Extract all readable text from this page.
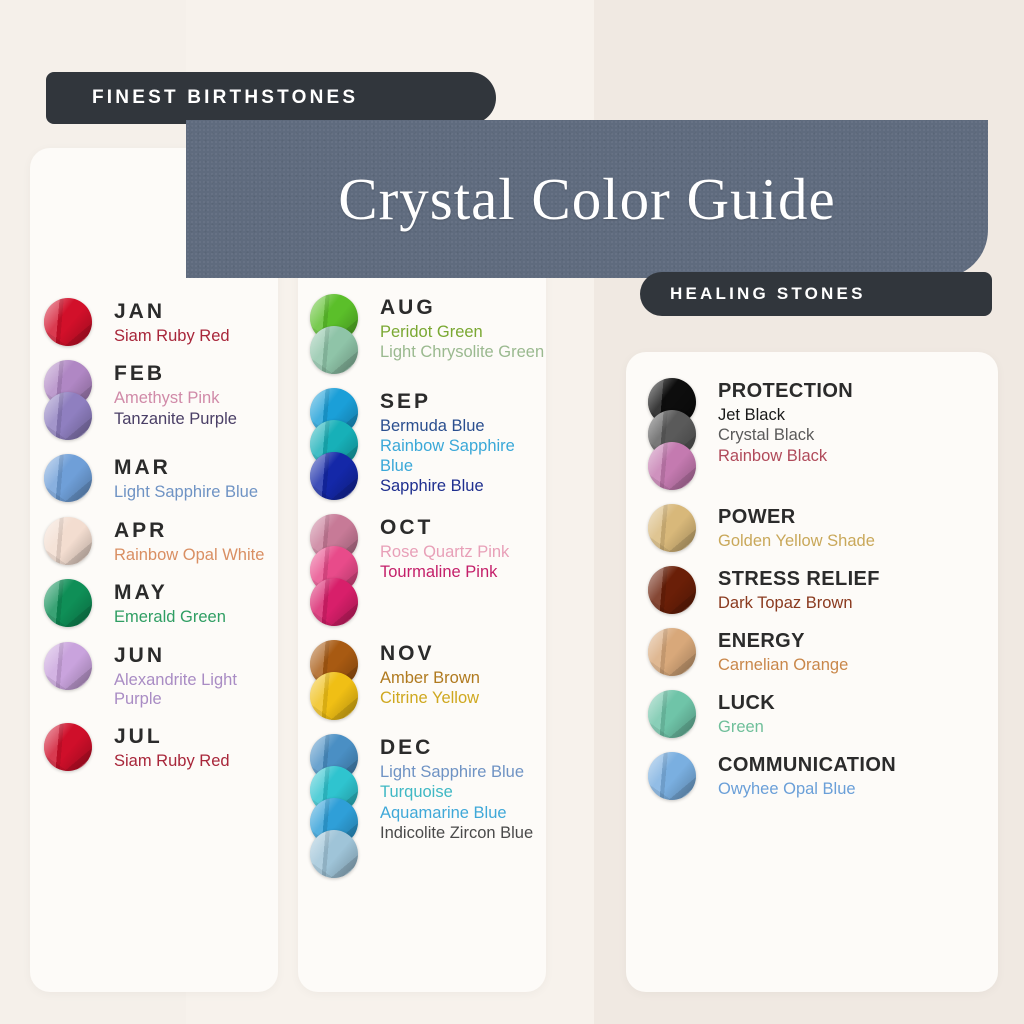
FINEST BIRTHSTONES
Crystal Color Guide
HEALING STONES
JAN
Siam Ruby Red
FEB
Amethyst Pink
Tanzanite Purple
MAR
Light Sapphire Blue
APR
Rainbow Opal White
MAY
Emerald Green
JUN
Alexandrite Light Purple
JUL
Siam Ruby Red
AUG
Peridot Green
Light Chrysolite Green
SEP
Bermuda Blue
Rainbow Sapphire Blue
Sapphire Blue
OCT
Rose Quartz Pink
Tourmaline Pink
NOV
Amber Brown
Citrine Yellow
DEC
Light Sapphire Blue
Turquoise
Aquamarine Blue
Indicolite Zircon Blue
PROTECTION
Jet Black
Crystal Black
Rainbow Black
POWER
Golden Yellow Shade
STRESS RELIEF
Dark Topaz Brown
ENERGY
Carnelian Orange
LUCK
Green
COMMUNICATION
Owyhee Opal Blue
